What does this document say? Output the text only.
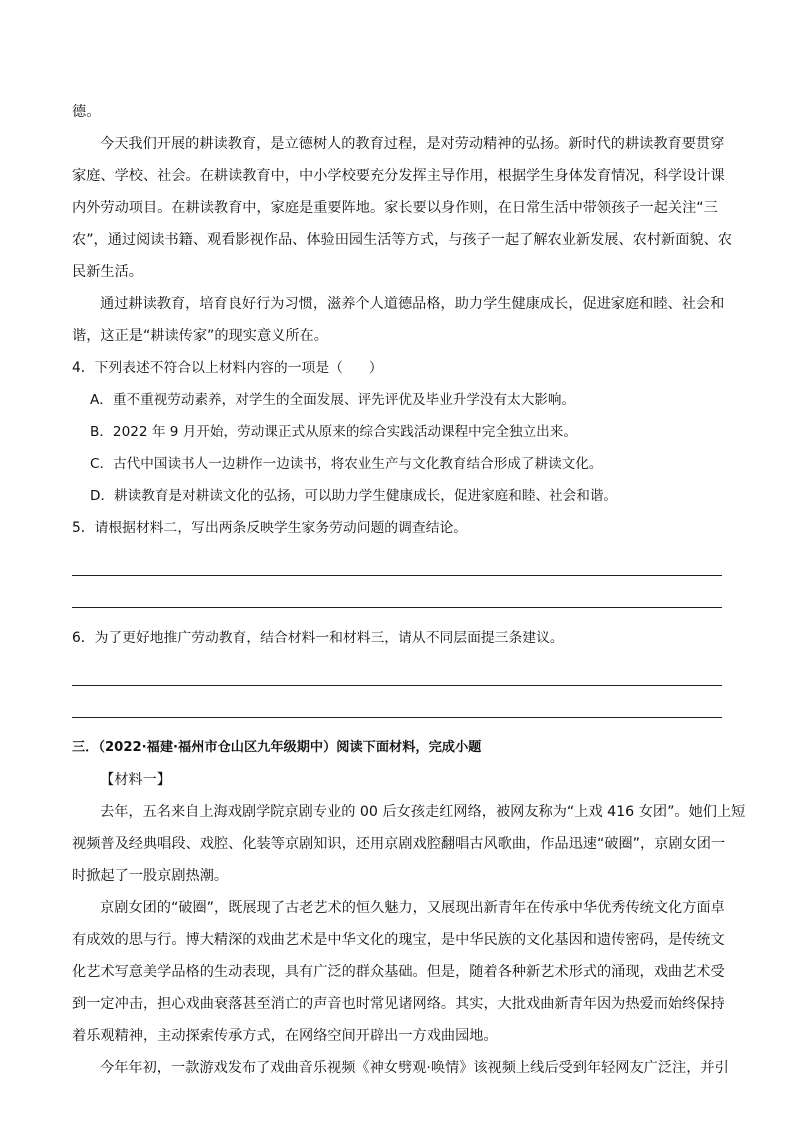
德。

今天我们开展的耕读教育，是立德树人的教育过程，是对劳动精神的弘扬。新时代的耕读教育要贯穿

家庭、学校、社会。在耕读教育中，中小学校要充分发挥主导作用，根据学生身体发育情况，科学设计课

内外劳动项目。在耕读教育中，家庭是重要阵地。家长要以身作则，在日常生活中带领孩子一起关注“三

农”，通过阅读书籍、观看影视作品、体验田园生活等方式，与孩子一起了解农业新发展、农村新面貌、农

民新生活。

通过耕读教育，培育良好行为习惯，滋养个人道德品格，助力学生健康成长，促进家庭和睦、社会和

谐，这正是“耕读传家”的现实意义所在。

4．下列表述不符合以上材料内容的一项是（ ）

A．重不重视劳动素养，对学生的全面发展、评先评优及毕业升学没有太大影响。

B．2022 年 9 月开始，劳动课正式从原来的综合实践活动课程中完全独立出来。

C．古代中国读书人一边耕作一边读书，将农业生产与文化教育结合形成了耕读文化。

D．耕读教育是对耕读文化的弘扬，可以助力学生健康成长，促进家庭和睦、社会和谐。

5．请根据材料二，写出两条反映学生家务劳动问题的调查结论。

6．为了更好地推广劳动教育，结合材料一和材料三，请从不同层面提三条建议。

三．（2022·福建·福州市仓山区九年级期中）阅读下面材料，完成小题

【材料一】

去年，五名来自上海戏剧学院京剧专业的 00 后女孩走红网络，被网友称为“上戏 416 女团”。她们上短

视频普及经典唱段、戏腔、化装等京剧知识，还用京剧戏腔翻唱古风歌曲，作品迅速“破圈”，京剧女团一

时掀起了一股京剧热潮。

京剧女团的“破圈”，既展现了古老艺术的恒久魅力，又展现出新青年在传承中华优秀传统文化方面卓

有成效的思与行。博大精深的戏曲艺术是中华文化的瑰宝，是中华民族的文化基因和遗传密码，是传统文

化艺术写意美学品格的生动表现，具有广泛的群众基础。但是，随着各种新艺术形式的涌现，戏曲艺术受

到一定冲击，担心戏曲衰落甚至消亡的声音也时常见诸网络。其实，大批戏曲新青年因为热爱而始终保持

着乐观精神，主动探索传承方式，在网络空间开辟出一方戏曲园地。

今年年初，一款游戏发布了戏曲音乐视频《神女劈观·唤情》该视频上线后受到年轻网友广泛注，并引
